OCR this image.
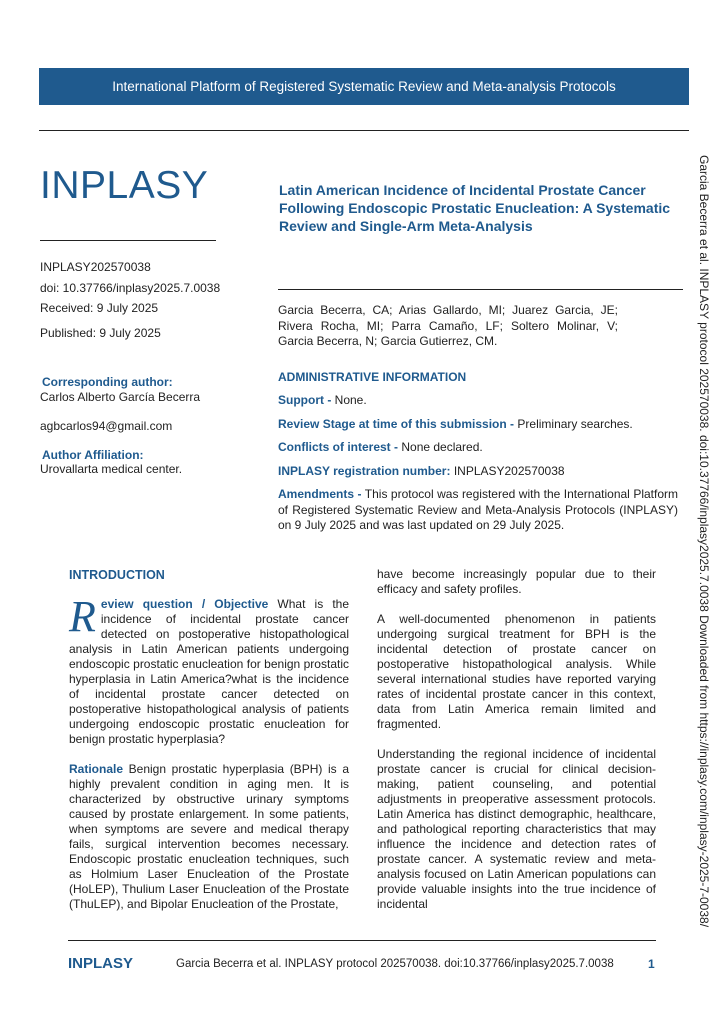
International Platform of Registered Systematic Review and Meta-analysis Protocols
INPLASY
INPLASY202570038
doi: 10.37766/inplasy2025.7.0038
Received: 9 July 2025
Published: 9 July 2025
Corresponding author:
Carlos Alberto García Becerra
agbcarlos94@gmail.com
Author Affiliation:
Urovallarta medical center.
Latin American Incidence of Incidental Prostate Cancer Following Endoscopic Prostatic Enucleation: A Systematic Review and Single-Arm Meta-Analysis
Garcia Becerra, CA; Arias Gallardo, MI; Juarez Garcia, JE; Rivera Rocha, MI; Parra Camaño, LF; Soltero Molinar, V; Garcia Becerra, N; Garcia Gutierrez, CM.
ADMINISTRATIVE INFORMATION
Support - None.
Review Stage at time of this submission - Preliminary searches.
Conflicts of interest - None declared.
INPLASY registration number: INPLASY202570038
Amendments - This protocol was registered with the International Platform of Registered Systematic Review and Meta-Analysis Protocols (INPLASY) on 9 July 2025 and was last updated on 29 July 2025.
INTRODUCTION

Review question / Objective What is the incidence of incidental prostate cancer detected on postoperative histopathological analysis in Latin American patients undergoing endoscopic prostatic enucleation for benign prostatic hyperplasia in Latin America?what is the incidence of incidental prostate cancer detected on postoperative histopathological analysis of patients undergoing endoscopic prostatic enucleation for benign prostatic hyperplasia?

Rationale Benign prostatic hyperplasia (BPH) is a highly prevalent condition in aging men. It is characterized by obstructive urinary symptoms caused by prostate enlargement. In some patients, when symptoms are severe and medical therapy fails, surgical intervention becomes necessary. Endoscopic prostatic enucleation techniques, such as Holmium Laser Enucleation of the Prostate (HoLEP), Thulium Laser Enucleation of the Prostate (ThuLEP), and Bipolar Enucleation of the Prostate,

have become increasingly popular due to their efficacy and safety profiles.

A well-documented phenomenon in patients undergoing surgical treatment for BPH is the incidental detection of prostate cancer on postoperative histopathological analysis. While several international studies have reported varying rates of incidental prostate cancer in this context, data from Latin America remain limited and fragmented.

Understanding the regional incidence of incidental prostate cancer is crucial for clinical decision-making, patient counseling, and potential adjustments in preoperative assessment protocols. Latin America has distinct demographic, healthcare, and pathological reporting characteristics that may influence the incidence and detection rates of prostate cancer. A systematic review and meta-analysis focused on Latin American populations can provide valuable insights into the true incidence of incidental	Garcia Becerra et al. INPLASY protocol 202570038. doi:10.37766/inplasy2025.7.0038 Downloaded from https://inplasy.com/inplasy-2025-7-0038/
INPLASY	Garcia Becerra et al. INPLASY protocol 202570038. doi:10.37766/inplasy2025.7.0038	1
